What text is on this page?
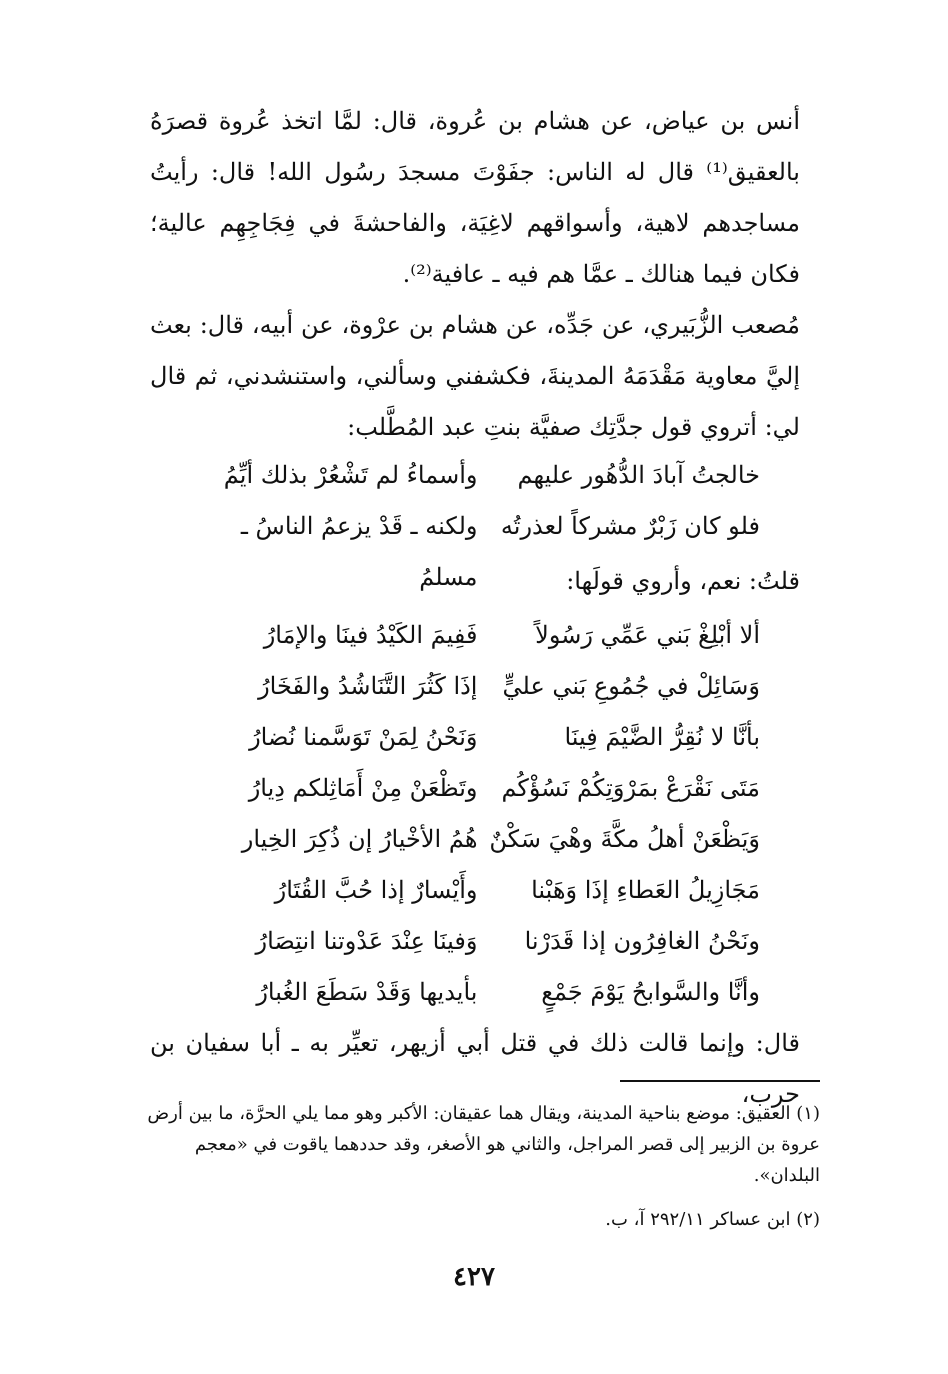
أنس بن عياض، عن هشام بن عُروة، قال: لمَّا اتخذ عُروة قصرَهُ بالعقيق⁽¹⁾ قال له الناس: جفَوْتَ مسجدَ رسُول الله! قال: رأيتُ مساجدهم لاهية، وأسواقهم لاغِيَة، والفاحشةَ في فِجَاجِهِم عالية؛ فكان فيما هنالك ـ عمَّا هم فيه ـ عافية⁽²⁾.

مُصعب الزُّبَيري، عن جَدِّه، عن هشام بن عرْوة، عن أبيه، قال: بعث إليَّ معاوية مَقْدَمَهُ المدينةَ، فكشفني وسألني، واستنشدني، ثم قال لي: أتروي قول جدَّتِك صفيَّة بنتِ عبد المُطَّلب:

خالجتُ آبادَ الدُّهُور عليهم
وأسماءُ لم تَشْعُرْ بذلك أيِّمُ
فلو كان زَبْرٌ مشركاً لعذرتُه
ولكنه ـ قَدْ يزعمُ الناسُ ـ مسلمُ	قلتُ: نعم، وأروي قولَها:

ألا أبْلِغْ بَني عَمِّي رَسُولاً
فَفِيمَ الكَيْدُ فينَا والإمَارُ
وَسَائِلْ في جُمُوعِ بَني عليٍّ
إذَا كَثُرَ التَّنَاشُدُ والفَخَارُ
بأنَّا لا نُقِرُّ الضَّيْمَ فِينَا
وَنَحْنُ لِمَنْ تَوَسَّمنا نُضارُ
مَتَى نَقْرَعْ بمَرْوَتِكُمْ نَسُؤْكُم
وتَظْعَنْ مِنْ أَمَاثِلكم دِيارُ
وَيَظْعَنْ أهلُ مكَّةَ وهْيَ سَكْنٌ
هُمُ الأخْيارُ إن ذُكِرَ الخِيار
مَجَازِيلُ العَطاءِ إذَا وَهَبْنا
وأَيْسارٌ إذا حُبَّ القُتَارُ
ونَحْنُ الغافِرُون إذا قَدَرْنا
وَفينَا عِنْدَ عَدْوتنا انتِصَارُ
وأنَّا والسَّوابحُ يَوْمَ جَمْعٍ
بأيديها وَقَدْ سَطَعَ الغُبارُ

قال: وإنما قالت ذلك في قتل أبي أزيهر، تعيِّر به ـ أبا سفيان بن حرب،

(١) العقيق: موضع بناحية المدينة، ويقال هما عقيقان: الأكبر وهو مما يلي الحرَّة، ما بين أرض عروة بن الزبير إلى قصر المراجل، والثاني هو الأصغر، وقد حددهما ياقوت في «معجم البلدان».

(٢) ابن عساكر ٢٩٢/١١ آ، ب.

٤٢٧
